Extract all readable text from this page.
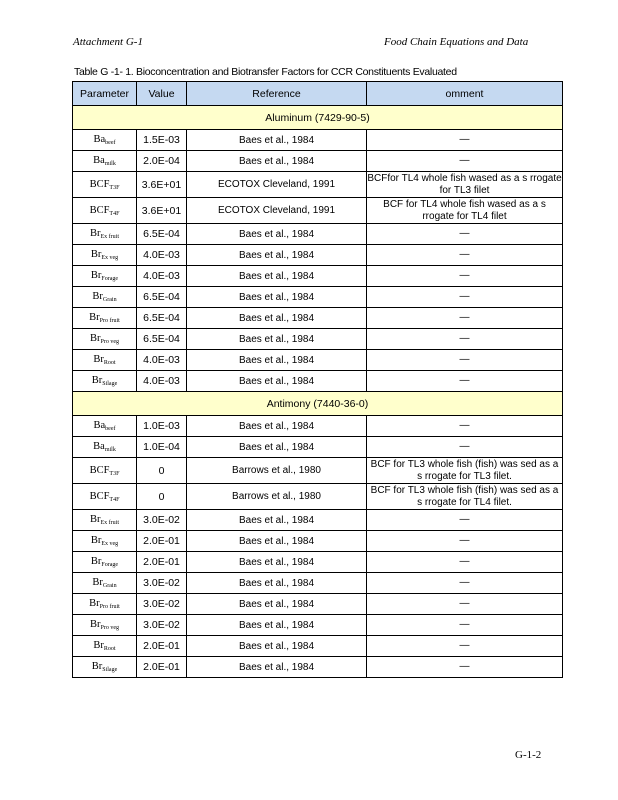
Attachment G-1	Food Chain Equations and Data
Table G -1- 1. Bioconcentration and Biotransfer Factors for CCR Constituents Evaluated
Parameter	Value	Reference	omment
Aluminum (7429-90-5)			
$Ba_{beef}$	1.5E-03	Baes et al., 1984	—
$Ba_{milk}$	2.0E-04	Baes et al., 1984	—
$BCF_{T3F}$	3.6E+01	ECOTOX Cleveland, 1991	BCFfor TL4 whole fish wased as a s rrogate for TL3 filet
$BCF_{T4F}$	3.6E+01	ECOTOX Cleveland, 1991	BCF for TL4 whole fish wased as a s rrogate for TL4 filet
$Br_{Ex fruit}$	6.5E-04	Baes et al., 1984	—
$Br_{Ex veg}$	4.0E-03	Baes et al., 1984	—
$Br_{Forage}$	4.0E-03	Baes et al., 1984	—
$Br_{Grain}$	6.5E-04	Baes et al., 1984	—
$Br_{Pro fruit}$	6.5E-04	Baes et al., 1984	—
$Br_{Pro veg}$	6.5E-04	Baes et al., 1984	—
$Br_{Root}$	4.0E-03	Baes et al., 1984	—
$Br_{Silage}$	4.0E-03	Baes et al., 1984	—
Antimony (7440-36-0)			
$Ba_{beef}$	1.0E-03	Baes et al., 1984	—
$Ba_{milk}$	1.0E-04	Baes et al., 1984	—
$BCF_{T3F}$	0	Barrows et al., 1980	BCF for TL3 whole fish (fish) was sed as a s rrogate for TL3 filet.
$BCF_{T4F}$	0	Barrows et al., 1980	BCF for TL3 whole fish (fish) was sed as a s rrogate for TL4 filet.
$Br_{Ex fruit}$	3.0E-02	Baes et al., 1984	—
$Br_{Ex veg}$	2.0E-01	Baes et al., 1984	—
$Br_{Forage}$	2.0E-01	Baes et al., 1984	—
$Br_{Grain}$	3.0E-02	Baes et al., 1984	—
$Br_{Pro fruit}$	3.0E-02	Baes et al., 1984	—
$Br_{Pro veg}$	3.0E-02	Baes et al., 1984	—
$Br_{Root}$	2.0E-01	Baes et al., 1984	—
$Br_{Silage}$	2.0E-01	Baes et al., 1984	—
G-1-2
